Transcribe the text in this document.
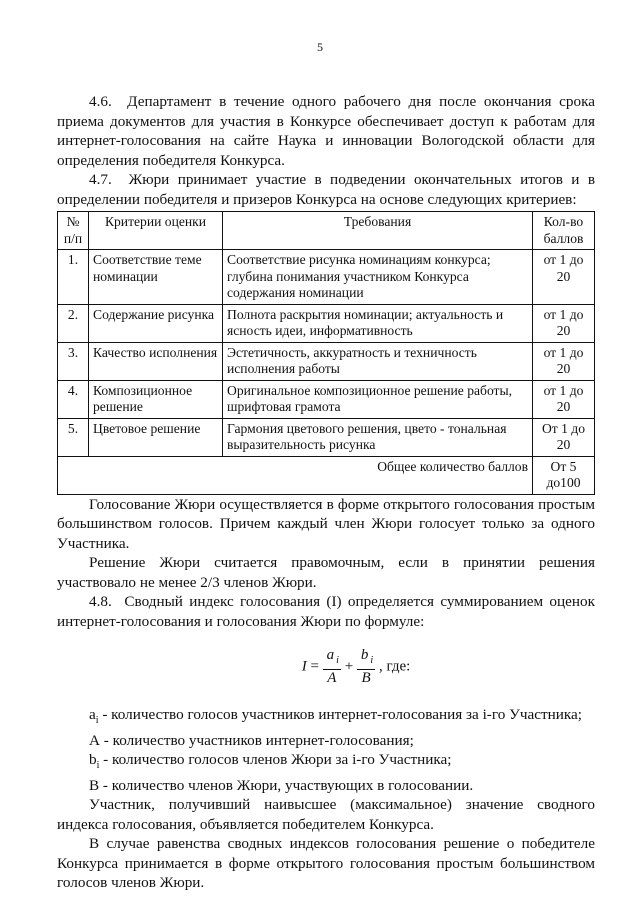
5

4.6.  Департамент в течение одного рабочего дня после окончания срока приема документов для участия в Конкурсе обеспечивает доступ к работам для интернет-голосования на сайте Наука и инновации Вологодской области для определения победителя Конкурса.

4.7.  Жюри принимает участие в подведении окончательных итогов и в определении победителя и призеров Конкурса на основе следующих критериев:

№ п/п	Критерии оценки	Требования	Кол-во баллов
1.	Соответствие теме номинации	Соответствие рисунка номинациям конкурса; глубина понимания участником Конкурса содержания номинации	от 1 до 20
2.	Содержание рисунка	Полнота раскрытия номинации; актуальность и ясность идеи, информативность	от 1 до 20
3.	Качество исполнения	Эстетичность, аккуратность и техничность исполнения работы	от 1 до 20
4.	Композиционное решение	Оригинальное композиционное решение работы, шрифтовая грамота	от 1 до 20
5.	Цветовое решение	Гармония цветового решения, цвето - тональная выразительность рисунка	От 1 до 20
Общее количество баллов			От 5 до100

Голосование Жюри осуществляется в форме открытого голосования простым большинством голосов. Причем каждый член Жюри голосует только за одного Участника.

Решение Жюри считается правомочным, если в принятии решения участвовало не менее 2/3 членов Жюри.

4.8.  Сводный индекс голосования (I) определяется суммированием оценок интернет-голосования и голосования Жюри по формуле:

$I = \frac{a _i}{A} + \frac{b _i}{B}$ , где:

$a_i$ - количество голосов участников интернет-голосования за i-го Участника;

А - количество участников интернет-голосования;

$b_i$ - количество голосов членов Жюри за i-го Участника;

В - количество членов Жюри, участвующих в голосовании.

Участник, получивший наивысшее (максимальное) значение сводного индекса голосования, объявляется победителем Конкурса.

В случае равенства сводных индексов голосования решение о победителе Конкурса принимается в форме открытого голосования простым большинством голосов членов Жюри.
